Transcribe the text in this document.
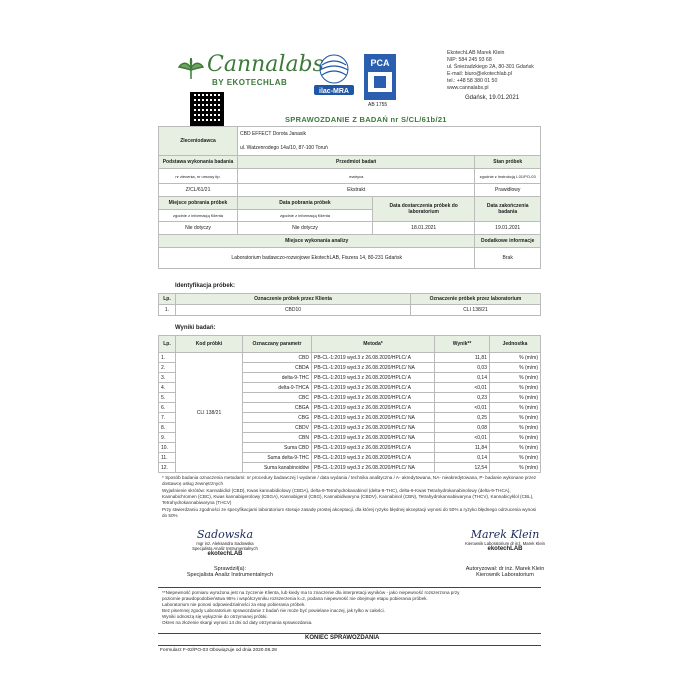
Cannalabs
BY EKOTECHLAB
ilac-MRA
PCA
AB 1755
EkotechLAB Marek Klein
NIP: 584 245 93 68
ul. Śnieżadzkiego 2A, 80-301 Gdańsk
E-mail: biuro@ekotechlab.pl
tel.: +48 58 380 01 50
www.cannalabs.pl
Gdańsk, 19.01.2021
SPRAWOZDANIE Z BADAŃ nr S/CL/61b/21
Zleceniodawca	CBD EFFECT Dorota Janasik		
	ul. Watzenrodego 14a/10, 87-100 Toruń		
Podstawa wykonania badania	Przedmiot badań		Stan próbek
nr zlecenia, nr umowy itp.	matryca		zgodnie z Instrukcją I-01/PO-03
Z/CL/61/21	Ekstrakt		Prawidłowy
Miejsce pobrania próbek	Data pobrania próbek	Data dostarczenia próbek do laboratorium	Data zakończenia badania
zgodnie z informacją Klienta	zgodnie z informacją Klienta		
Nie dotyczy	Nie dotyczy	18.01.2021	19.01.2021
Miejsce wykonania analizy			Dodatkowe informacje
Laboratorium badawczo-rozwojowe EkotechLAB, Fiszera 14, 80-231 Gdańsk			Brak
Identyfikacja próbek:
Lp.	Oznaczenie próbek przez Klienta	Oznaczenie próbek przez laboratorium
1.	CBD10	CLI 138/21
Wyniki badań:
Lp.	Kod próbki	Oznaczany parametr	Metoda*	Wynik**	Jednostka
1.	CLI 138/21	CBD	PB-CL-1:2019 wyd.3 z 26.08.2020/HPLC/ A	11,81	% (m/m)
2.		CBDA	PB-CL-1:2019 wyd.3 z 26.08.2020/HPLC/ NA	0,03	% (m/m)
3.		delta-9-THC	PB-CL-1:2019 wyd.3 z 26.08.2020/HPLC/ A	0,14	% (m/m)
4.		delta-9-THCA	PB-CL-1:2019 wyd.3 z 26.08.2020/HPLC/ A	<0,01	% (m/m)
5.		CBC	PB-CL-1:2019 wyd.3 z 26.08.2020/HPLC/ A	0,23	% (m/m)
6.		CBGA	PB-CL-1:2019 wyd.3 z 26.08.2020/HPLC/ A	<0,01	% (m/m)
7.		CBG	PB-CL-1:2019 wyd.3 z 26.08.2020/HPLC/ NA	0,25	% (m/m)
8.		CBDV	PB-CL-1:2019 wyd.3 z 26.08.2020/HPLC/ NA	0,08	% (m/m)
9.		CBN	PB-CL-1:2019 wyd.3 z 26.08.2020/HPLC/ NA	<0,01	% (m/m)
10.		Suma CBD	PB-CL-1:2019 wyd.3 z 26.08.2020/HPLC/ A	11,84	% (m/m)
11.		Suma delta-9-THC	PB-CL-1:2019 wyd.3 z 26.08.2020/HPLC/ A	0,14	% (m/m)
12.		Suma kanabinoidów	PB-CL-1:2019 wyd.3 z 26.08.2020/HPLC/ NA	12,54	% (m/m)
* Sposób badania oznaczenia metodami: nr procedury badawczej / wydanie / data wydania / technika analityczna / A- akredytowana, NA- nieakredytowana, P- badanie wykonane przez dostawcę usług zewnętrznych
Wyjaśnienie skrótów: Kannabidiol (CBD), Kwas kannabidiolowy (CBDA), delta-9-Tetrahydrokanabinol (delta-9-THC), delta-9-Kwas Tetrahydrokanabinolowy (delta-9-THCA), Kannabichromen (CBC), Kwas kannabigerolowy (CBGA), Kannabigerol (CBG), Kannabidiwaryna (CBDV), Kannabinol (CBN), Tetrahydrokannabiwaryna (THCV), Kannabicyklol (CBL), Tetrahydrokannabiwaryna (THCV)
Przy stwierdzaniu zgodności ze specyfikacjami laboratorium stosuje zasadę prostej akceptacji, dla której ryzyko błędnej akceptacji wynosi do 50% a ryzyko błędnego odrzucenia wynosi do 50%
Sadowska
mgr inż. Aleksandra Sadowska
Specjalista Analiz Instrumentalnych
ekotechLAB
Sprawdził(a):
Specjalista Analiz Instrumentalnych
Marek Klein
Kierownik Laboratorium dr inż. Marek Klein
ekotechLAB
Autoryzował: dr inż. Marek Klein
Kierownik Laboratorium
**Niepewność pomiaru wyrażona jest na życzenie Klienta, lub kiedy ma to znaczenie dla interpretacji wyników - jako niepewność rozszerzona przy
poziomie prawdopodobieństwa 95% i współczynniku rozszerzenia k=2, podana niepewność nie obejmuje etapu pobierania próbek.
Laboratorium nie ponosi odpowiedzialności za etap pobierania próbek.
Bez pisemnej zgody Laboratorium sprawozdanie z badań nie może być powielane inaczej, jak tylko w całości.
Wyniki odnoszą się wyłącznie do otrzymanej próbki.
Okres na złożenie skargi wynosi 14 dni od daty otrzymania sprawozdania.
KONIEC SPRAWOZDANIA
Formularz F-02/PO-03 Obowiązuje od dnia 2020.08.28
